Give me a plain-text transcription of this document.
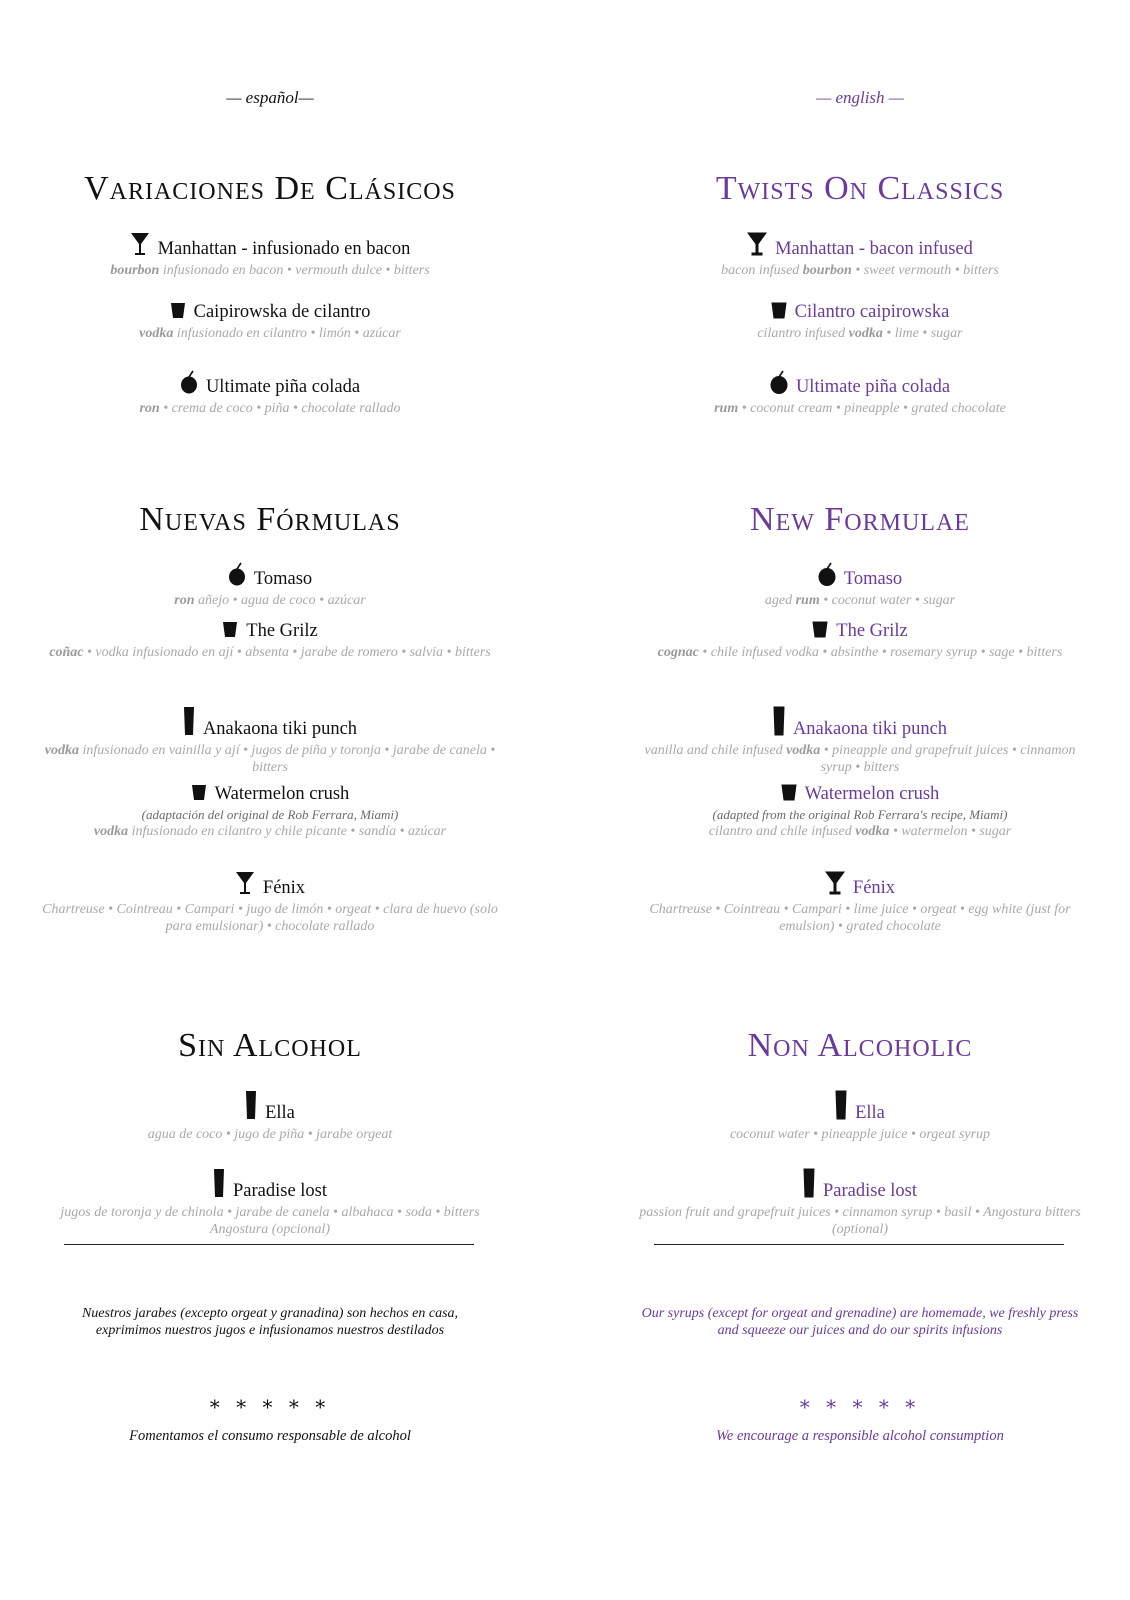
— español—
Variaciones De Clásicos
Manhattan - infusionado en bacon
bourbon infusionado en bacon • vermouth dulce • bitters
Caipirowska de cilantro
vodka infusionado en cilantro • limón • azúcar
Ultimate piña colada
ron • crema de coco • piña • chocolate rallado
Nuevas Fórmulas
Tomaso
ron añejo • agua de coco • azúcar
The Grilz
coñac • vodka infusionado en ají • absenta • jarabe de romero • salvia • bitters
Anakaona tiki punch
vodka infusionado en vainilla y ají • jugos de piña y toronja • jarabe de canela • bitters
Watermelon crush
(adaptación del original de Rob Ferrara, Miami)
vodka infusionado en cilantro y chile picante • sandía • azúcar
Fénix
Chartreuse • Cointreau • Campari • jugo de limón • orgeat • clara de huevo (solo para emulsionar) • chocolate rallado
Sin Alcohol
Ella
agua de coco • jugo de piña • jarabe orgeat
Paradise lost
jugos de toronja y de chinola • jarabe de canela • albahaca • soda • bitters Angostura (opcional)
Nuestros jarabes (excepto orgeat y granadina) son hechos en casa, exprimimos nuestros jugos e infusionamos nuestros destilados
* * * * *
Fomentamos el consumo responsable de alcohol
— english —
Twists On Classics
Manhattan - bacon infused
bacon infused bourbon • sweet vermouth • bitters
Cilantro caipirowska
cilantro infused vodka • lime • sugar
Ultimate piña colada
rum • coconut cream • pineapple • grated chocolate
New Formulae
Tomaso
aged rum • coconut water • sugar
The Grilz
cognac • chile infused vodka • absinthe • rosemary syrup • sage • bitters
Anakaona tiki punch
vanilla and chile infused vodka • pineapple and grapefruit juices • cinnamon syrup • bitters
Watermelon crush
(adapted from the original Rob Ferrara's recipe, Miami)
cilantro and chile infused vodka • watermelon • sugar
Fénix
Chartreuse • Cointreau • Campari • lime juice • orgeat • egg white (just for emulsion) • grated chocolate
Non Alcoholic
Ella
coconut water • pineapple juice • orgeat syrup
Paradise lost
passion fruit and grapefruit juices • cinnamon syrup • basil • Angostura bitters (optional)
Our syrups (except for orgeat and grenadine) are homemade, we freshly press and squeeze our juices and do our spirits infusions
* * * * *
We encourage a responsible alcohol consumption
